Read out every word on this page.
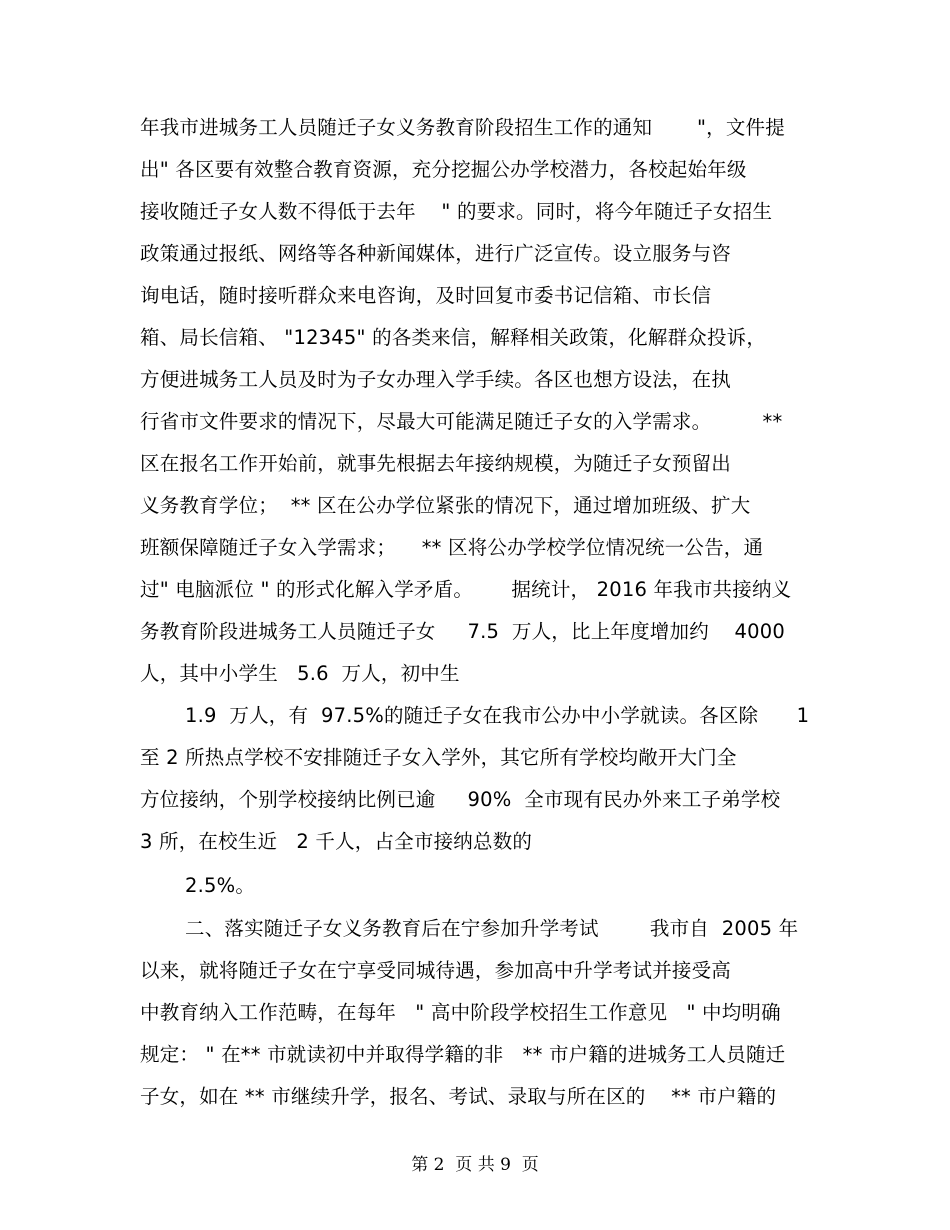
年我市进城务工人员随迁子女义务教育阶段招生工作的通知       "，文件提
出" 各区要有效整合教育资源，充分挖掘公办学校潜力，各校起始年级
接收随迁子女人数不得低于去年    " 的要求。同时，将今年随迁子女招生
政策通过报纸、网络等各种新闻媒体，进行广泛宣传。设立服务与咨
询电话，随时接听群众来电咨询，及时回复市委书记信箱、市长信
箱、局长信箱、 "12345" 的各类来信，解释相关政策，化解群众投诉，
方便进城务工人员及时为子女办理入学手续。各区也想方设法，在执
行省市文件要求的情况下，尽最大可能满足随迁子女的入学需求。        **
区在报名工作开始前，就事先根据去年接纳规模，为随迁子女预留出
义务教育学位；  ** 区在公办学位紧张的情况下，通过增加班级、扩大
班额保障随迁子女入学需求；    ** 区将公办学校学位情况统一公告，通
过" 电脑派位 " 的形式化解入学矛盾。      据统计， 2016 年我市共接纳义
务教育阶段进城务工人员随迁子女     7.5  万人，比上年度增加约    4000
人，其中小学生   5.6  万人，初中生
1.9  万人，有  97.5%的随迁子女在我市公办中小学就读。各区除      1
至 2 所热点学校不安排随迁子女入学外，其它所有学校均敞开大门全
方位接纳，个别学校接纳比例已逾     90%  全市现有民办外来工子弟学校
3 所，在校生近   2 千人，占全市接纳总数的
2.5%。
二、落实随迁子女义务教育后在宁参加升学考试        我市自  2005 年
以来，就将随迁子女在宁享受同城待遇，参加高中升学考试并接受高
中教育纳入工作范畴，在每年   " 高中阶段学校招生工作意见   " 中均明确
规定： " 在** 市就读初中并取得学籍的非   ** 市户籍的进城务工人员随迁
子女，如在 ** 市继续升学，报名、考试、录取与所在区的    ** 市户籍的
第 2  页 共 9  页
